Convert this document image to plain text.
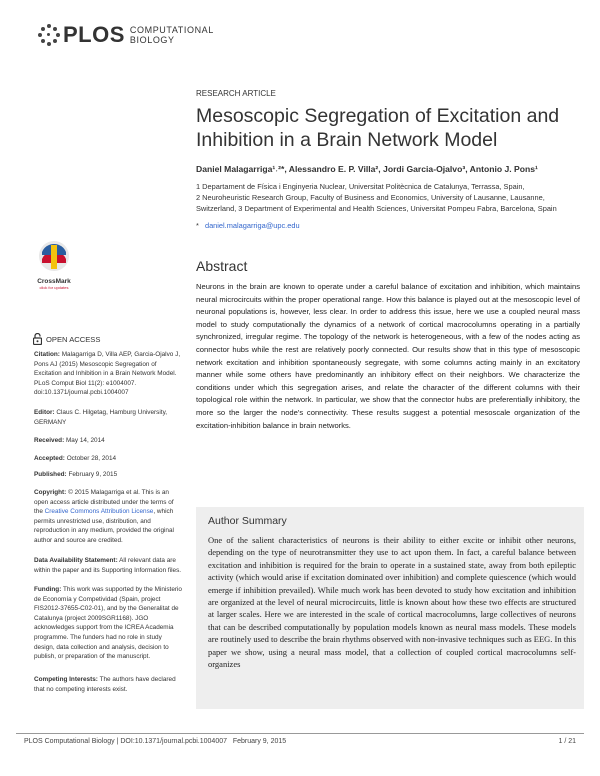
PLOS COMPUTATIONAL
BIOLOGY
RESEARCH ARTICLE
Mesoscopic Segregation of Excitation and
Inhibition in a Brain Network Model
Daniel Malagarriga¹˒²*, Alessandro E. P. Villa², Jordi Garcia-Ojalvo³, Antonio J. Pons¹
1 Departament de Física i Enginyeria Nuclear, Universitat Politècnica de Catalunya, Terrassa, Spain,
2 Neuroheuristic Research Group, Faculty of Business and Economics, University of Lausanne, Lausanne,
Switzerland, 3 Department of Experimental and Health Sciences, Universitat Pompeu Fabra, Barcelona, Spain
* daniel.malagarriga@upc.edu
CrossMark
click for updates
OPEN ACCESS
Citation: Malagarriga D, Villa AEP, Garcia-Ojalvo J, Pons AJ (2015) Mesoscopic Segregation of Excitation and Inhibition in a Brain Network Model. PLoS Comput Biol 11(2): e1004007. doi:10.1371/journal.pcbi.1004007
Editor: Claus C. Hilgetag, Hamburg University, GERMANY
Received: May 14, 2014
Accepted: October 28, 2014
Published: February 9, 2015
Copyright: © 2015 Malagarriga et al. This is an open access article distributed under the terms of the Creative Commons Attribution License, which permits unrestricted use, distribution, and reproduction in any medium, provided the original author and source are credited.
Data Availability Statement: All relevant data are within the paper and its Supporting Information files.
Funding: This work was supported by the Ministerio de Economía y Competividad (Spain, project FIS2012-37655-C02-01), and by the Generalitat de Catalunya (project 2009SGR1168). JGO acknowledges support from the ICREA Academia programme. The funders had no role in study design, data collection and analysis, decision to publish, or preparation of the manuscript.
Competing Interests: The authors have declared that no competing interests exist.
Abstract
Neurons in the brain are known to operate under a careful balance of excitation and inhibition, which maintains neural microcircuits within the proper operational range. How this balance is played out at the mesoscopic level of neuronal populations is, however, less clear. In order to address this issue, here we use a coupled neural mass model to study computationally the dynamics of a network of cortical macrocolumns operating in a partially synchronized, irregular regime. The topology of the network is heterogeneous, with a few of the nodes acting as connector hubs while the rest are relatively poorly connected. Our results show that in this type of mesoscopic network excitation and inhibition spontaneously segregate, with some columns acting mainly in an excitatory manner while some others have predominantly an inhibitory effect on their neighbors. We characterize the conditions under which this segregation arises, and relate the character of the different columns with their topological role within the network. In particular, we show that the connector hubs are preferentially inhibitory, the more so the larger the node's connectivity. These results suggest a potential mesoscale organization of the excitation-inhibition balance in brain networks.
Author Summary
One of the salient characteristics of neurons is their ability to either excite or inhibit other neurons, depending on the type of neurotransmitter they use to act upon them. In fact, a careful balance between excitation and inhibition is required for the brain to operate in a sustained state, away from both epileptic activity (which would arise if excitation dominated over inhibition) and complete quiescence (which would emerge if inhibition prevailed). While much work has been devoted to study how excitation and inhibition are organized at the level of neural microcircuits, little is known about how these two effects are structured at larger scales. Here we are interested in the scale of cortical macrocolumns, large collectives of neurons that can be described computationally by population models known as neural mass models. These models are routinely used to describe the brain rhythms observed with non-invasive techniques such as EEG. In this paper we show, using a neural mass model, that a collection of coupled cortical macrocolumns self-organizes
PLOS Computational Biology | DOI:10.1371/journal.pcbi.1004007   February 9, 2015	1 / 21
